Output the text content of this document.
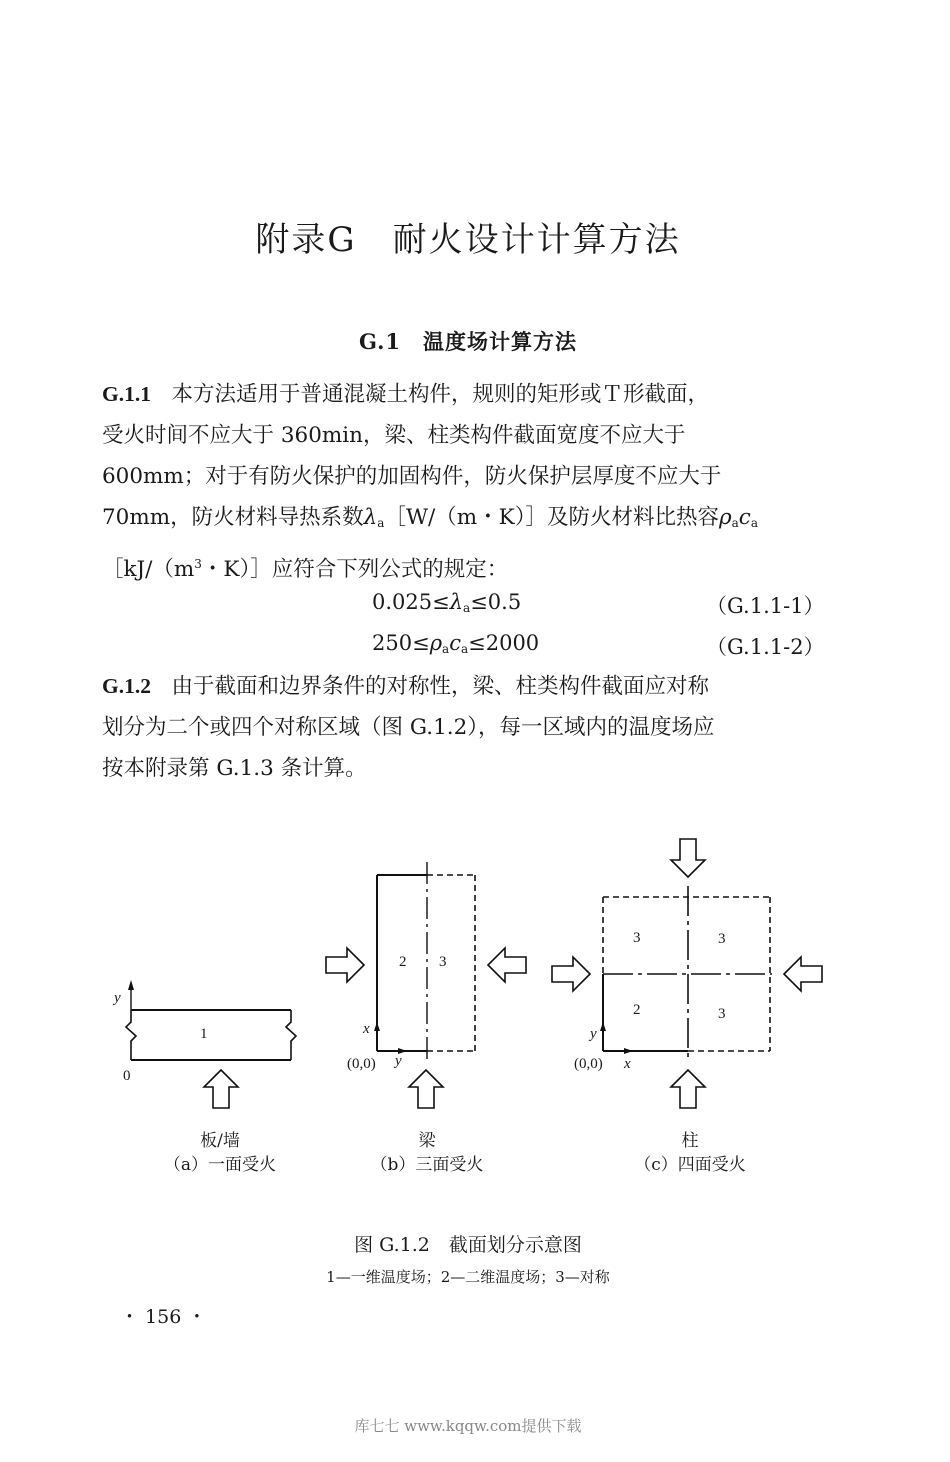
附录G　耐火设计计算方法
G.1　温度场计算方法
G.1.1 本方法适用于普通混凝土构件，规则的矩形或Ｔ形截面，
受火时间不应大于 360min，梁、柱类构件截面宽度不应大于
600mm；对于有防火保护的加固构件，防火保护层厚度不应大于
70mm，防火材料导热系数$\lambda_a[W/(m$・K）］及防火材料比热容$\rho_ac_a$
$[kJ/(m^3$・K）］应符合下列公式的规定：
$0.025\le\lambda_a\le 0.5$	（G.1.1-1）
$250\le\rho_ac_a\le 2000$	（G.1.1-2）
G.1.2 由于截面和边界条件的对称性，梁、柱类构件截面应对称
划分为二个或四个对称区域（图 G.1.2），每一区域内的温度场应
按本附录第 G.1.3 条计算。
y
1
0
2 3
x
y
(0,0)
3	3
2	3
y
x
(0,0)
板/墙
（a）一面受火
梁
（b）三面受火
柱
（c）四面受火
图 G.1.2　截面划分示意图
1—一维温度场；2—二维温度场；3—对称
・ 156 ・
库七七 www.kqqw.com提供下载
